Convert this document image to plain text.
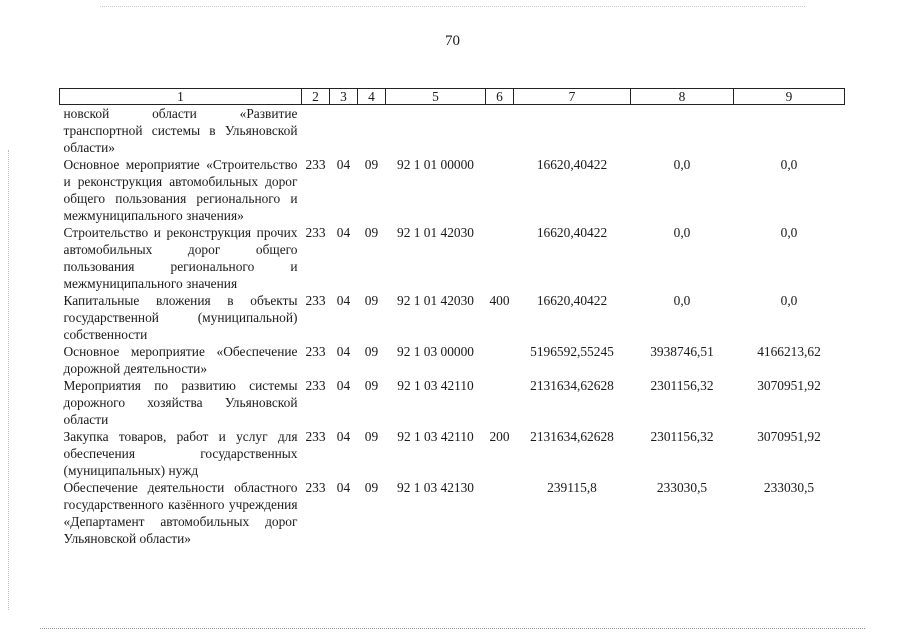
70
1	2	3	4	5	6	7	8	9
новской области «Развитие транспортной системы в Ульяновской области»								
Основное мероприятие «Строительство и реконструкция автомобильных дорог общего пользования регионального и межмуниципального значения»	233	04	09	92 1 01 00000		16620,40422	0,0	0,0
Строительство и реконструкция прочих автомобильных дорог общего пользования регионального и межмуниципального значения	233	04	09	92 1 01 42030		16620,40422	0,0	0,0
Капитальные вложения в объекты государственной (муниципальной) собственности	233	04	09	92 1 01 42030	400	16620,40422	0,0	0,0
Основное мероприятие «Обеспечение дорожной деятельности»	233	04	09	92 1 03 00000		5196592,55245	3938746,51	4166213,62
Мероприятия по развитию системы дорожного хозяйства Ульяновской области	233	04	09	92 1 03 42110		2131634,62628	2301156,32	3070951,92
Закупка товаров, работ и услуг для обеспечения государственных (муниципальных) нужд	233	04	09	92 1 03 42110	200	2131634,62628	2301156,32	3070951,92
Обеспечение деятельности областного государственного казённого учреждения «Департамент автомобильных дорог Ульяновской области»	233	04	09	92 1 03 42130		239115,8	233030,5	233030,5
